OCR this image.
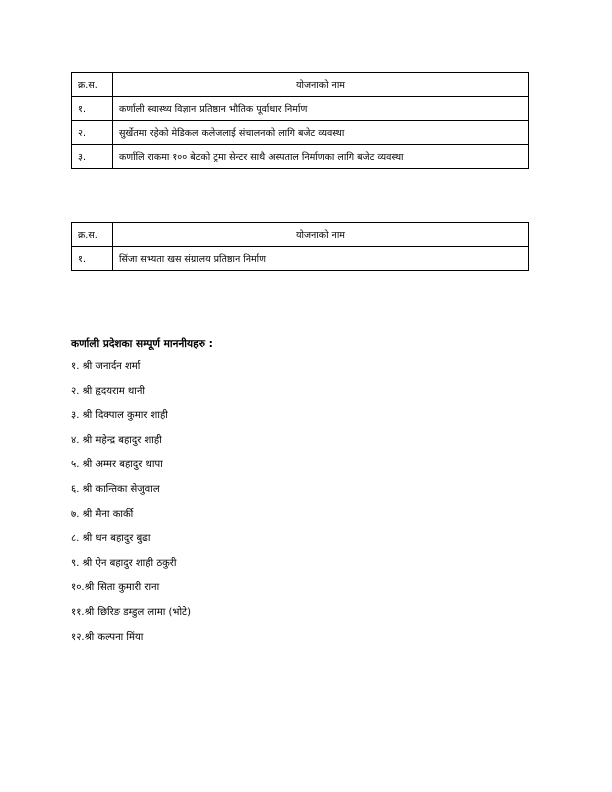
क्र.स.	योजनाको नाम
१.	कर्णाली स्वास्थ्य विज्ञान प्रतिष्ठान भौतिक पूर्वाधार निर्माण
२.	सुर्खेतमा रहेको मेडिकल कलेजलाई संचालनको लागि बजेट व्यवस्था
३.	कर्णालि राकमा १०० बेटको ट्रमा सेन्टर साथै अस्पताल निर्माणका लागि बजेट व्यवस्था
क्र.स.	योजनाको नाम
१.	सिंजा सभ्यता खस संग्रालय प्रतिष्ठान निर्माण
कर्णाली प्रदेशका सम्पूर्ण माननीयहरु :
१. श्री जनार्दन शर्मा
२. श्री हृदयराम थानी
३. श्री दिक्पाल कुमार शाही
४. श्री महेन्द्र बहादुर शाही
५. श्री अम्मर बहादुर थापा
६. श्री कान्तिका सेजुवाल
७. श्री मैना कार्की
८. श्री धन बहादुर बुढा
९. श्री ऐन बहादुर शाही ठकुरी
१०.श्री सिता कुमारी राना
११.श्री छिरिङ डम्डुल लामा (भोटे)
१२.श्री कल्पना मिंया
